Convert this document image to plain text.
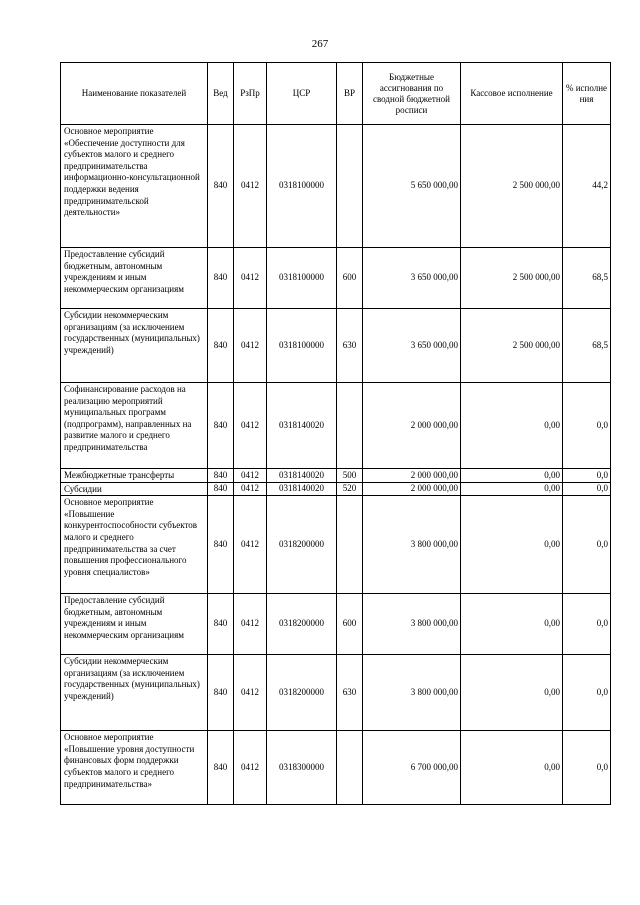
267
Наименование показателей	Вед	РзПр	ЦСР	ВР	Бюджетные ассигнования по сводной бюджетной росписи	Кассовое исполнение	% исполне ния
Основное мероприятие «Обеспечение доступности для субъектов малого и среднего предпринимательства информационно-консультационной поддержки ведения предпринимательской деятельности»	840	0412	0318100000		5 650 000,00	2 500 000,00	44,2
Предоставление субсидий бюджетным, автономным учреждениям и иным некоммерческим организациям	840	0412	0318100000	600	3 650 000,00	2 500 000,00	68,5
Субсидии некоммерческим организациям (за исключением государственных (муниципальных) учреждений)	840	0412	0318100000	630	3 650 000,00	2 500 000,00	68,5
Софинансирование расходов на реализацию мероприятий муниципальных программ (подпрограмм), направленных на развитие малого и среднего предпринимательства	840	0412	0318140020		2 000 000,00	0,00	0,0
Межбюджетные трансферты	840	0412	0318140020	500	2 000 000,00	0,00	0,0
Субсидии	840	0412	0318140020	520	2 000 000,00	0,00	0,0
Основное мероприятие «Повышение конкурентоспособности субъектов малого и среднего предпринимательства за счет повышения профессионального уровня специалистов»	840	0412	0318200000		3 800 000,00	0,00	0,0
Предоставление субсидий бюджетным, автономным учреждениям и иным некоммерческим организациям	840	0412	0318200000	600	3 800 000,00	0,00	0,0
Субсидии некоммерческим организациям (за исключением государственных (муниципальных) учреждений)	840	0412	0318200000	630	3 800 000,00	0,00	0,0
Основное мероприятие «Повышение уровня доступности финансовых форм поддержки субъектов малого и среднего предпринимательства»	840	0412	0318300000		6 700 000,00	0,00	0,0
